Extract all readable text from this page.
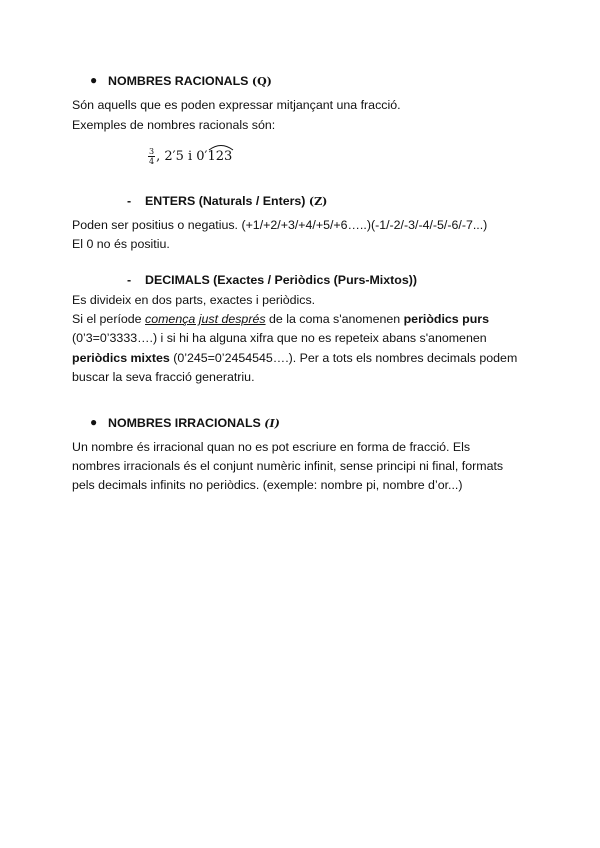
● NOMBRES RACIONALS (Q)
Són aquells que es poden expressar mitjançant una fracció.
Exemples de nombres racionals són:
$\frac{3}{4}$ , 2′5 i 0′
123
- ENTERS (Naturals / Enters) (Z)
Poden ser positius o negatius. (+1/+2/+3/+4/+5/+6…..)(-1/-2/-3/-4/-5/-6/-7...)
El 0 no és positiu.
- DECIMALS (Exactes / Periòdics (Purs-Mixtos))
Es divideix en dos parts, exactes i periòdics.
Si el període comença just després de la coma s'anomenen periòdics purs
(0’3=0’3333….) i si hi ha alguna xifra que no es repeteix abans s'anomenen
periòdics mixtes (0’245=0’2454545….). Per a tots els nombres decimals podem
buscar la seva fracció generatriu.
● NOMBRES IRRACIONALS (I)
Un nombre és irracional quan no es pot escriure en forma de fracció. Els
nombres irracionals és el conjunt numèric infinit, sense principi ni final, formats
pels decimals infinits no periòdics. (exemple: nombre pi, nombre d’or...)
